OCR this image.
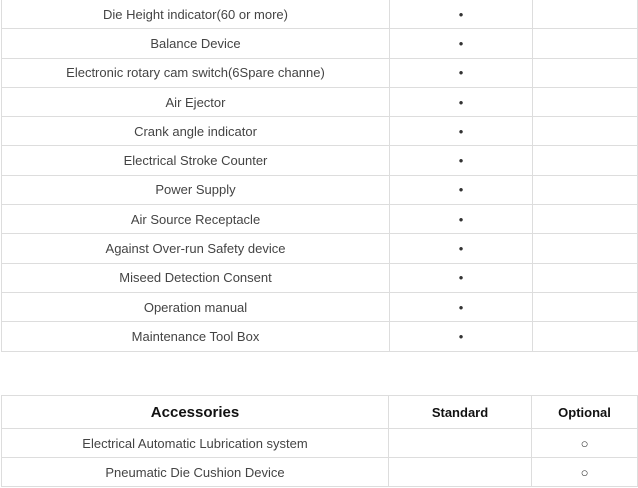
Die Height indicator(60 or more)	•	
Balance Device	•	
Electronic rotary cam switch(6Spare channe)	•	
Air Ejector	•	
Crank angle indicator	•	
Electrical Stroke Counter	•	
Power Supply	•	
Air Source Receptacle	•	
Against Over-run Safety device	•	
Miseed Detection Consent	•	
Operation manual	•	
Maintenance Tool Box	•	
Accessories	Standard	Optional
Electrical Automatic Lubrication system		○
Pneumatic Die Cushion Device		○
